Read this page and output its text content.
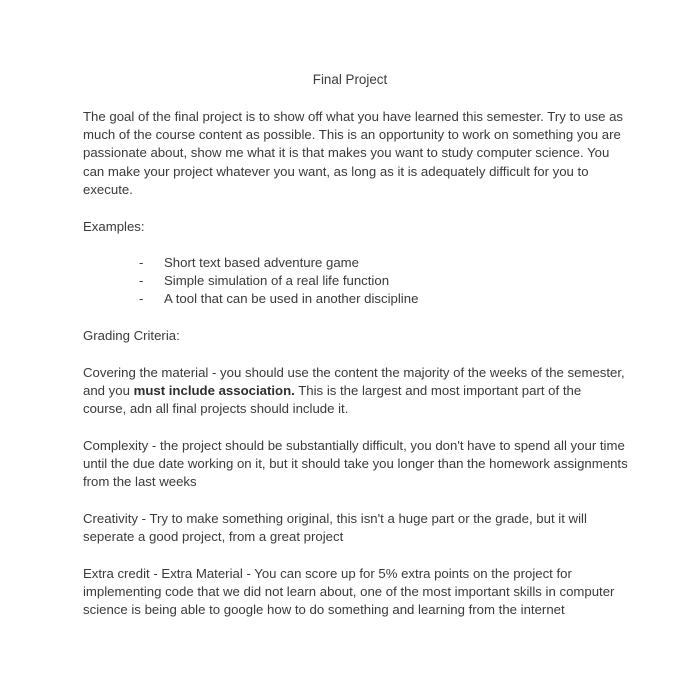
Final Project

The goal of the final project is to show off what you have learned this semester. Try to use as much of the course content as possible. This is an opportunity to work on something you are passionate about, show me what it is that makes you want to study computer science. You can make your project whatever you want, as long as it is adequately difficult for you to execute.

Examples:

- Short text based adventure game
- Simple simulation of a real life function
- A tool that can be used in another discipline

Grading Criteria:

Covering the material - you should use the content the majority of the weeks of the semester, and you must include association. This is the largest and most important part of the course, adn all final projects should include it.

Complexity - the project should be substantially difficult, you don't have to spend all your time until the due date working on it, but it should take you longer than the homework assignments from the last weeks

Creativity - Try to make something original, this isn't a huge part or the grade, but it will seperate a good project, from a great project

Extra credit - Extra Material - You can score up for 5% extra points on the project for implementing code that we did not learn about, one of the most important skills in computer science is being able to google how to do something and learning from the internet
